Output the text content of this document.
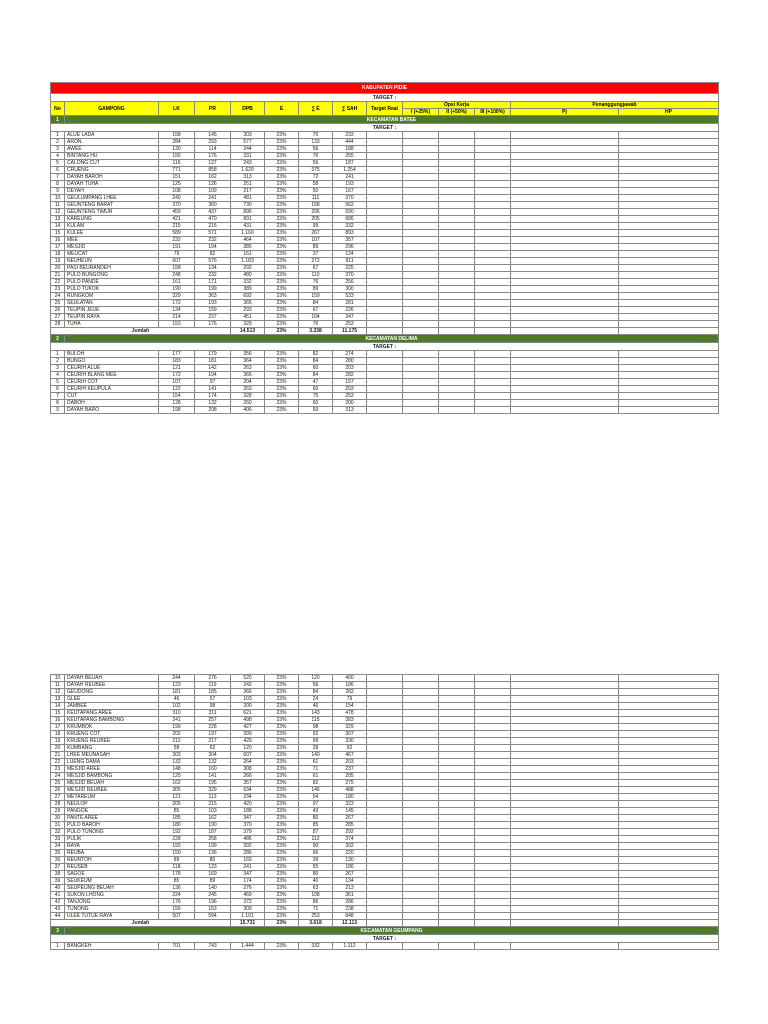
KABUPATEN PIDIE													
TARGET :													
No	GAMPONG	LK	PR	DPB	E	∑ E	∑ SAH	Target Real	Opsi Kerja			Penanggungjawab	
									I (+25%)	II (+50%)	III (+100%)	Pj	HP
1	KECAMATAN BATEE												
TARGET :													
1	ALUE LADA	158	145	303	23%	70	233						
2	ARON	284	293	577	23%	133	444						
3	AWEE	130	114	244	23%	56	188						
4	BINTANG HU	155	176	331	23%	76	255						
5	CALONG CUT	116	127	243	23%	56	187						
6	CRUENG	771	858	1.629	23%	375	1.254						
7	DAYAH BAROH	151	162	313	23%	72	241						
8	DAYAH TUHA	125	126	251	23%	58	193						
9	DEYAH	108	109	217	23%	50	167						
10	GEULUMPANG LHEE	240	241	481	23%	111	370						
11	GEUNTENG BARAT	370	360	730	23%	168	562						
12	GEUNTENG TIMUR	459	437	896	23%	206	690						
13	KAREUNG	421	470	891	23%	205	686						
14	KULAM	215	216	431	23%	99	332						
15	KULEE	589	571	1.160	23%	267	893						
16	MEE	232	232	464	23%	107	357						
17	MESJID	191	194	385	23%	89	296						
18	MEUCAT	79	82	161	23%	37	124						
19	NEUHEUN	607	576	1.183	23%	272	911						
20	PASI BEURANDEH	158	134	292	23%	67	225						
21	PULO BUNGONG	248	232	480	23%	110	370						
22	PULO PANDE	161	171	332	23%	76	256						
23	PULO TUKOK	190	199	389	23%	89	300						
24	RUNGKOM	329	363	692	23%	159	533						
25	SEULATAN	172	193	365	23%	84	281						
26	TEUPIN JEUE	134	159	293	23%	67	226						
27	TEUPIN RAYA	214	237	451	23%	104	347						
28	TUHA	153	176	329	23%	76	253						
Jumlah				14.513	23%	3.338	11.175						
2	KECAMATAN DELIMA												
TARGET :													
1	BULOH	177	179	356	23%	82	274						
2	BUNGO	183	181	364	23%	84	280						
3	CEURIH ALUE	121	142	263	23%	60	203						
4	CEURIH BLANG MEE	172	194	366	23%	84	282						
5	CEURIH COT	107	97	204	23%	47	157						
6	CEURIH KEUPULA	122	141	263	23%	60	203						
7	CUT	154	174	328	23%	75	253						
8	DABOH	128	132	260	23%	60	200						
9	DAYAH BARO	198	208	406	23%	93	313						
10	DAYAH BEUAH	244	276	520	23%	120	400						
11	DAYAH REUBEE	123	119	242	23%	56	186						
12	GEUDONG	181	185	366	23%	84	282						
13	GLEE	46	57	103	23%	24	79						
14	JAMBEE	102	98	200	23%	46	154						
15	KEUTAPANG AREE	310	311	621	23%	143	478						
16	KEUTAPANG BAMBONG	241	257	498	23%	115	383						
17	KRUMBOK	199	228	427	23%	98	329						
18	KRUENG COT	202	197	399	23%	92	307						
19	KRUENG REUBEE	212	217	429	23%	99	330						
20	KUMBANG	58	62	120	23%	28	92						
21	LHEE MEUNASAH	303	304	607	23%	140	467						
22	LUENG DAMA	132	132	264	23%	61	203						
23	MESJID AREE	148	160	308	23%	71	237						
24	MESJID BAMBONG	125	141	266	23%	61	205						
25	MESJID BEUAH	162	195	357	23%	82	275						
26	MESJID REUBEE	305	329	634	23%	146	488						
27	METAREUM	121	113	234	23%	54	180						
28	NEULOP	205	215	420	23%	97	323						
29	PANGOE	85	103	188	23%	43	145						
30	PANTE AREE	185	162	347	23%	80	267						
31	PULO BAROH	180	190	370	23%	85	285						
32	PULO TUNONG	192	187	379	23%	87	292						
33	PULIK	228	258	486	23%	112	374						
34	RAYA	193	199	392	23%	90	302						
35	REUBA	150	136	286	23%	66	220						
36	REUNTOH	89	80	169	23%	39	130						
37	REUSEB	118	123	241	23%	55	186						
38	SAGOE	178	169	347	23%	80	267						
39	SEUKEUM	85	89	174	23%	40	134						
40	SEUPEUNG BEUAH	136	140	276	23%	63	213						
41	SUKON LHONG	224	245	469	23%	108	361						
42	TANJONG	176	196	372	23%	86	286						
43	TUNONG	156	153	309	23%	71	238						
44	ULEE TUTUE RAYA	507	594	1.101	23%	253	848						
Jumlah				15.731	23%	3.618	12.113						
3	KECAMATAN GEUMPANG												
TARGET :													
1	BANGKEH	701	743	1.444	23%	332	1.112						
